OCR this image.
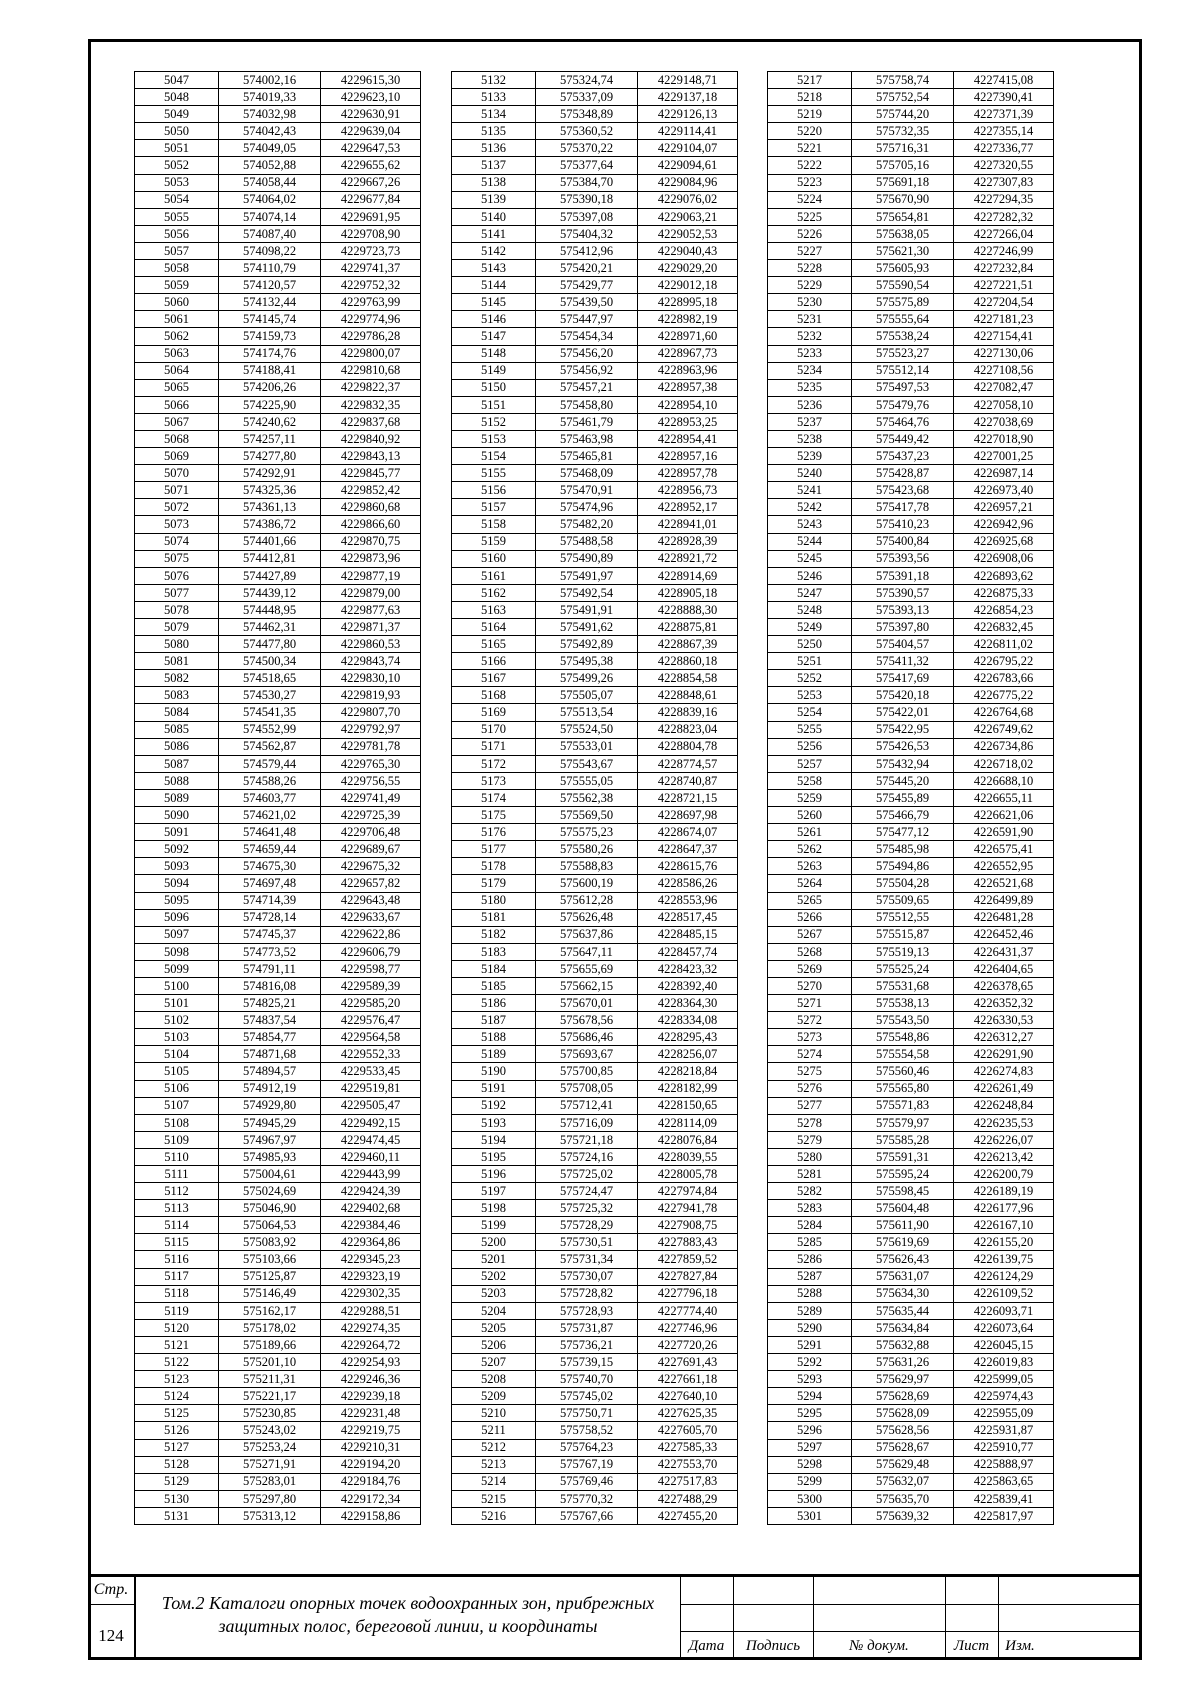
5047	574002,16	4229615,30
5048	574019,33	4229623,10
5049	574032,98	4229630,91
5050	574042,43	4229639,04
5051	574049,05	4229647,53
5052	574052,88	4229655,62
5053	574058,44	4229667,26
5054	574064,02	4229677,84
5055	574074,14	4229691,95
5056	574087,40	4229708,90
5057	574098,22	4229723,73
5058	574110,79	4229741,37
5059	574120,57	4229752,32
5060	574132,44	4229763,99
5061	574145,74	4229774,96
5062	574159,73	4229786,28
5063	574174,76	4229800,07
5064	574188,41	4229810,68
5065	574206,26	4229822,37
5066	574225,90	4229832,35
5067	574240,62	4229837,68
5068	574257,11	4229840,92
5069	574277,80	4229843,13
5070	574292,91	4229845,77
5071	574325,36	4229852,42
5072	574361,13	4229860,68
5073	574386,72	4229866,60
5074	574401,66	4229870,75
5075	574412,81	4229873,96
5076	574427,89	4229877,19
5077	574439,12	4229879,00
5078	574448,95	4229877,63
5079	574462,31	4229871,37
5080	574477,80	4229860,53
5081	574500,34	4229843,74
5082	574518,65	4229830,10
5083	574530,27	4229819,93
5084	574541,35	4229807,70
5085	574552,99	4229792,97
5086	574562,87	4229781,78
5087	574579,44	4229765,30
5088	574588,26	4229756,55
5089	574603,77	4229741,49
5090	574621,02	4229725,39
5091	574641,48	4229706,48
5092	574659,44	4229689,67
5093	574675,30	4229675,32
5094	574697,48	4229657,82
5095	574714,39	4229643,48
5096	574728,14	4229633,67
5097	574745,37	4229622,86
5098	574773,52	4229606,79
5099	574791,11	4229598,77
5100	574816,08	4229589,39
5101	574825,21	4229585,20
5102	574837,54	4229576,47
5103	574854,77	4229564,58
5104	574871,68	4229552,33
5105	574894,57	4229533,45
5106	574912,19	4229519,81
5107	574929,80	4229505,47
5108	574945,29	4229492,15
5109	574967,97	4229474,45
5110	574985,93	4229460,11
5111	575004,61	4229443,99
5112	575024,69	4229424,39
5113	575046,90	4229402,68
5114	575064,53	4229384,46
5115	575083,92	4229364,86
5116	575103,66	4229345,23
5117	575125,87	4229323,19
5118	575146,49	4229302,35
5119	575162,17	4229288,51
5120	575178,02	4229274,35
5121	575189,66	4229264,72
5122	575201,10	4229254,93
5123	575211,31	4229246,36
5124	575221,17	4229239,18
5125	575230,85	4229231,48
5126	575243,02	4229219,75
5127	575253,24	4229210,31
5128	575271,91	4229194,20
5129	575283,01	4229184,76
5130	575297,80	4229172,34
5131	575313,12	4229158,86
5132	575324,74	4229148,71
5133	575337,09	4229137,18
5134	575348,89	4229126,13
5135	575360,52	4229114,41
5136	575370,22	4229104,07
5137	575377,64	4229094,61
5138	575384,70	4229084,96
5139	575390,18	4229076,02
5140	575397,08	4229063,21
5141	575404,32	4229052,53
5142	575412,96	4229040,43
5143	575420,21	4229029,20
5144	575429,77	4229012,18
5145	575439,50	4228995,18
5146	575447,97	4228982,19
5147	575454,34	4228971,60
5148	575456,20	4228967,73
5149	575456,92	4228963,96
5150	575457,21	4228957,38
5151	575458,80	4228954,10
5152	575461,79	4228953,25
5153	575463,98	4228954,41
5154	575465,81	4228957,16
5155	575468,09	4228957,78
5156	575470,91	4228956,73
5157	575474,96	4228952,17
5158	575482,20	4228941,01
5159	575488,58	4228928,39
5160	575490,89	4228921,72
5161	575491,97	4228914,69
5162	575492,54	4228905,18
5163	575491,91	4228888,30
5164	575491,62	4228875,81
5165	575492,89	4228867,39
5166	575495,38	4228860,18
5167	575499,26	4228854,58
5168	575505,07	4228848,61
5169	575513,54	4228839,16
5170	575524,50	4228823,04
5171	575533,01	4228804,78
5172	575543,67	4228774,57
5173	575555,05	4228740,87
5174	575562,38	4228721,15
5175	575569,50	4228697,98
5176	575575,23	4228674,07
5177	575580,26	4228647,37
5178	575588,83	4228615,76
5179	575600,19	4228586,26
5180	575612,28	4228553,96
5181	575626,48	4228517,45
5182	575637,86	4228485,15
5183	575647,11	4228457,74
5184	575655,69	4228423,32
5185	575662,15	4228392,40
5186	575670,01	4228364,30
5187	575678,56	4228334,08
5188	575686,46	4228295,43
5189	575693,67	4228256,07
5190	575700,85	4228218,84
5191	575708,05	4228182,99
5192	575712,41	4228150,65
5193	575716,09	4228114,09
5194	575721,18	4228076,84
5195	575724,16	4228039,55
5196	575725,02	4228005,78
5197	575724,47	4227974,84
5198	575725,32	4227941,78
5199	575728,29	4227908,75
5200	575730,51	4227883,43
5201	575731,34	4227859,52
5202	575730,07	4227827,84
5203	575728,82	4227796,18
5204	575728,93	4227774,40
5205	575731,87	4227746,96
5206	575736,21	4227720,26
5207	575739,15	4227691,43
5208	575740,70	4227661,18
5209	575745,02	4227640,10
5210	575750,71	4227625,35
5211	575758,52	4227605,70
5212	575764,23	4227585,33
5213	575767,19	4227553,70
5214	575769,46	4227517,83
5215	575770,32	4227488,29
5216	575767,66	4227455,20
5217	575758,74	4227415,08
5218	575752,54	4227390,41
5219	575744,20	4227371,39
5220	575732,35	4227355,14
5221	575716,31	4227336,77
5222	575705,16	4227320,55
5223	575691,18	4227307,83
5224	575670,90	4227294,35
5225	575654,81	4227282,32
5226	575638,05	4227266,04
5227	575621,30	4227246,99
5228	575605,93	4227232,84
5229	575590,54	4227221,51
5230	575575,89	4227204,54
5231	575555,64	4227181,23
5232	575538,24	4227154,41
5233	575523,27	4227130,06
5234	575512,14	4227108,56
5235	575497,53	4227082,47
5236	575479,76	4227058,10
5237	575464,76	4227038,69
5238	575449,42	4227018,90
5239	575437,23	4227001,25
5240	575428,87	4226987,14
5241	575423,68	4226973,40
5242	575417,78	4226957,21
5243	575410,23	4226942,96
5244	575400,84	4226925,68
5245	575393,56	4226908,06
5246	575391,18	4226893,62
5247	575390,57	4226875,33
5248	575393,13	4226854,23
5249	575397,80	4226832,45
5250	575404,57	4226811,02
5251	575411,32	4226795,22
5252	575417,69	4226783,66
5253	575420,18	4226775,22
5254	575422,01	4226764,68
5255	575422,95	4226749,62
5256	575426,53	4226734,86
5257	575432,94	4226718,02
5258	575445,20	4226688,10
5259	575455,89	4226655,11
5260	575466,79	4226621,06
5261	575477,12	4226591,90
5262	575485,98	4226575,41
5263	575494,86	4226552,95
5264	575504,28	4226521,68
5265	575509,65	4226499,89
5266	575512,55	4226481,28
5267	575515,87	4226452,46
5268	575519,13	4226431,37
5269	575525,24	4226404,65
5270	575531,68	4226378,65
5271	575538,13	4226352,32
5272	575543,50	4226330,53
5273	575548,86	4226312,27
5274	575554,58	4226291,90
5275	575560,46	4226274,83
5276	575565,80	4226261,49
5277	575571,83	4226248,84
5278	575579,97	4226235,53
5279	575585,28	4226226,07
5280	575591,31	4226213,42
5281	575595,24	4226200,79
5282	575598,45	4226189,19
5283	575604,48	4226177,96
5284	575611,90	4226167,10
5285	575619,69	4226155,20
5286	575626,43	4226139,75
5287	575631,07	4226124,29
5288	575634,30	4226109,52
5289	575635,44	4226093,71
5290	575634,84	4226073,64
5291	575632,88	4226045,15
5292	575631,26	4226019,83
5293	575629,97	4225999,05
5294	575628,69	4225974,43
5295	575628,09	4225955,09
5296	575628,56	4225931,87
5297	575628,67	4225910,77
5298	575629,48	4225888,97
5299	575632,07	4225863,65
5300	575635,70	4225839,41
5301	575639,32	4225817,97
Стр.
124
Том.2 Каталоги опорных точек водоохранных зон, прибрежных
защитных полос, береговой линии, и координаты
Дата	Подпись	№ докум.	Лист	Изм.
